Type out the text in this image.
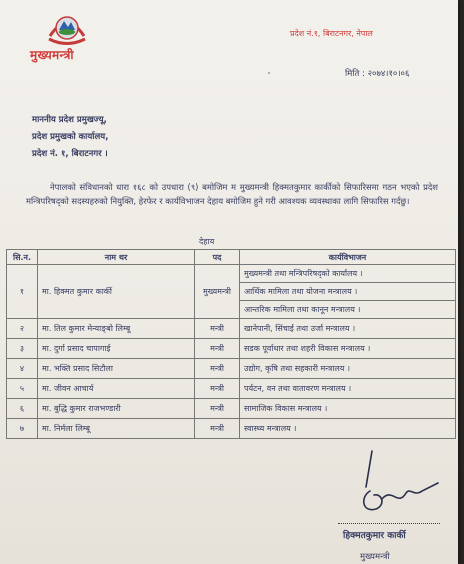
मुख्यमन्त्री
प्रदेश नं.१, बिराटनगर, नेपाल
मिति : २०७४।१०।०६
माननीय प्रदेश प्रमुखज्यू,
प्रदेश प्रमुखको कार्यालय,
प्रदेश नं. १, बिराटनगर ।

नेपालको संविधानको धारा १६८ को उपधारा (९) बमोजिम म मुख्यमन्त्री हिक्मतकुमार कार्कीको सिफारिसमा गठन भएको प्रदेश मन्त्रिपरिषद्को सदस्यहरुको नियुक्ति, हेरफेर र कार्यविभाजन देहाय बमोजिम हुने गरी आवश्यक व्यवस्थाका लागि सिफारिस गर्दछु।

देहाय
सि.न.	नाम थर	पद	कार्यविभाजन
१	मा. हिक्मत कुमार कार्की	मुख्यमन्त्री	मुख्यमन्त्री तथा मन्त्रिपरिषद्को कार्यालय ।
आर्थिक मामिला तथा योजना मन्त्रालय ।
आन्तरिक मामिला तथा कानून मन्त्रालय ।

२	मा. तिल कुमार मेन्याङ्बो लिम्बू	मन्त्री	खानेपानी, सिंचाई तथा उर्जा मन्त्रालय ।
३	मा. दुर्गा प्रसाद चापागाई	मन्त्री	सडक पूर्वाधार तथा शहरी विकास मन्त्रालय ।
४	मा. भक्ति प्रसाद सिटौला	मन्त्री	उद्योग, कृषि तथा सहकारी मन्त्रालय ।
५	मा. जीवन आचार्य	मन्त्री	पर्यटन, वन तथा वातावरण मन्त्रालय ।
६	मा. बुद्धि कुमार राजभण्डारी	मन्त्री	सामाजिक विकास मन्त्रालय ।
७	मा. निर्मला लिम्बू	मन्त्री	स्वास्थ्य मन्त्रालय ।
हिक्मतकुमार कार्की
मुख्यमन्त्री
